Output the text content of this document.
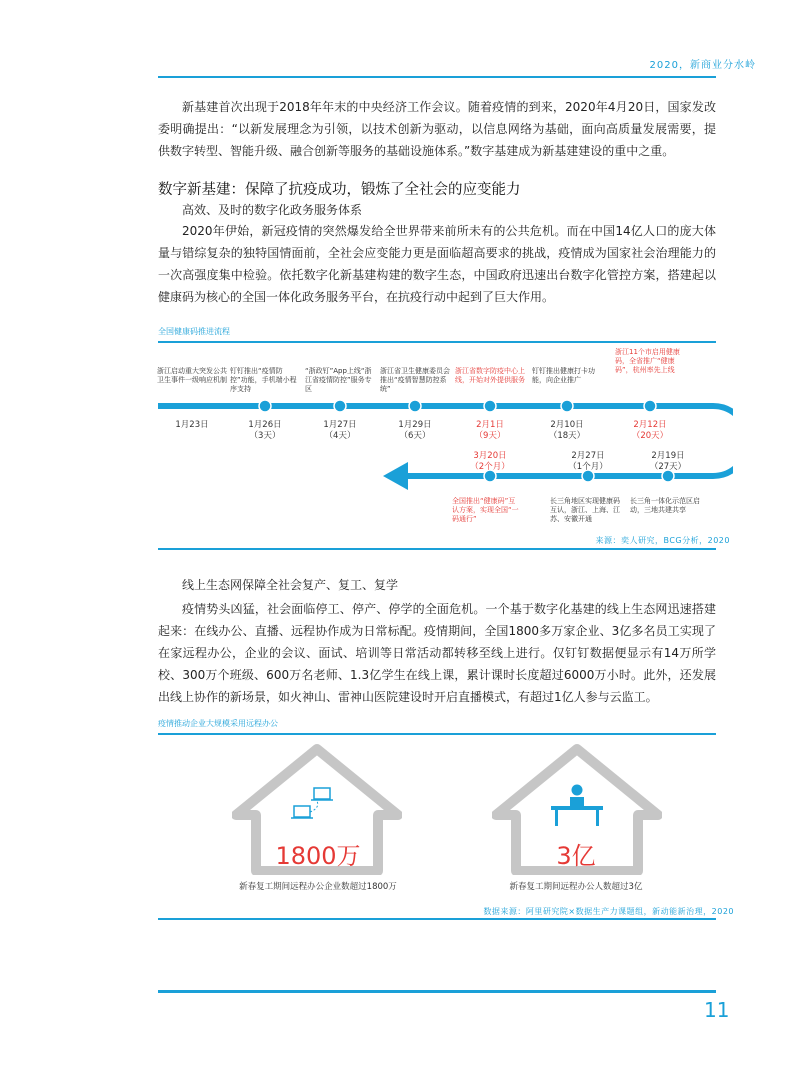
2020，新商业分水岭
新基建首次出现于2018年年末的中央经济工作会议。随着疫情的到来，2020年4月20日，国家发改委明确提出：“以新发展理念为引领，以技术创新为驱动，以信息网络为基础，面向高质量发展需要，提供数字转型、智能升级、融合创新等服务的基础设施体系。”数字基建成为新基建建设的重中之重。
数字新基建：保障了抗疫成功，锻炼了全社会的应变能力
高效、及时的数字化政务服务体系
2020年伊始，新冠疫情的突然爆发给全世界带来前所未有的公共危机。而在中国14亿人口的庞大体量与错综复杂的独特国情面前，全社会应变能力更是面临超高要求的挑战，疫情成为国家社会治理能力的一次高强度集中检验。依托数字化新基建构建的数字生态，中国政府迅速出台数字化管控方案，搭建起以健康码为核心的全国一体化政务服务平台，在抗疫行动中起到了巨大作用。
全国健康码推进流程
浙江启动重大突发公共卫生事件一级响应机制
1月23日
钉钉推出“疫情防控”功能，手机端小程序支持
1月26日
（3天）
“浙政钉”App上线“浙江省疫情防控”服务专区
1月27日
（4天）
浙江省卫生健康委员会推出“疫情智慧防控系统”
1月29日
（6天）
浙江省数字防疫中心上线，开始对外提供服务
2月1日
（9天）
钉钉推出健康打卡功能，向企业推广
2月10日
（18天）
浙江11个市启用健康码，全省推广“健康码”，杭州率先上线
2月12日
（20天）
3月20日
（2个月）
全国推出“健康码”互认方案，实现全国“一码通行”
2月27日
（1个月）
长三角地区实现健康码互认，浙江、上海、江苏、安徽开通
2月19日
（27天）
长三角一体化示范区启动，三地共建共享
来源：奕人研究，BCG分析，2020
线上生态网保障全社会复产、复工、复学
疫情势头凶猛，社会面临停工、停产、停学的全面危机。一个基于数字化基建的线上生态网迅速搭建起来：在线办公、直播、远程协作成为日常标配。疫情期间，全国1800多万家企业、3亿多名员工实现了在家远程办公，企业的会议、面试、培训等日常活动都转移至线上进行。仅钉钉数据便显示有14万所学校、300万个班级、600万名老师、1.3亿学生在线上课，累计课时长度超过6000万小时。此外，还发展出线上协作的新场景，如火神山、雷神山医院建设时开启直播模式，有超过1亿人参与云监工。
疫情推动企业大规模采用远程办公
1800万
新春复工期间远程办公企业数超过1800万
3亿
新春复工期间远程办公人数超过3亿
数据来源：阿里研究院×数据生产力课题组，新动能新治理，2020
11
